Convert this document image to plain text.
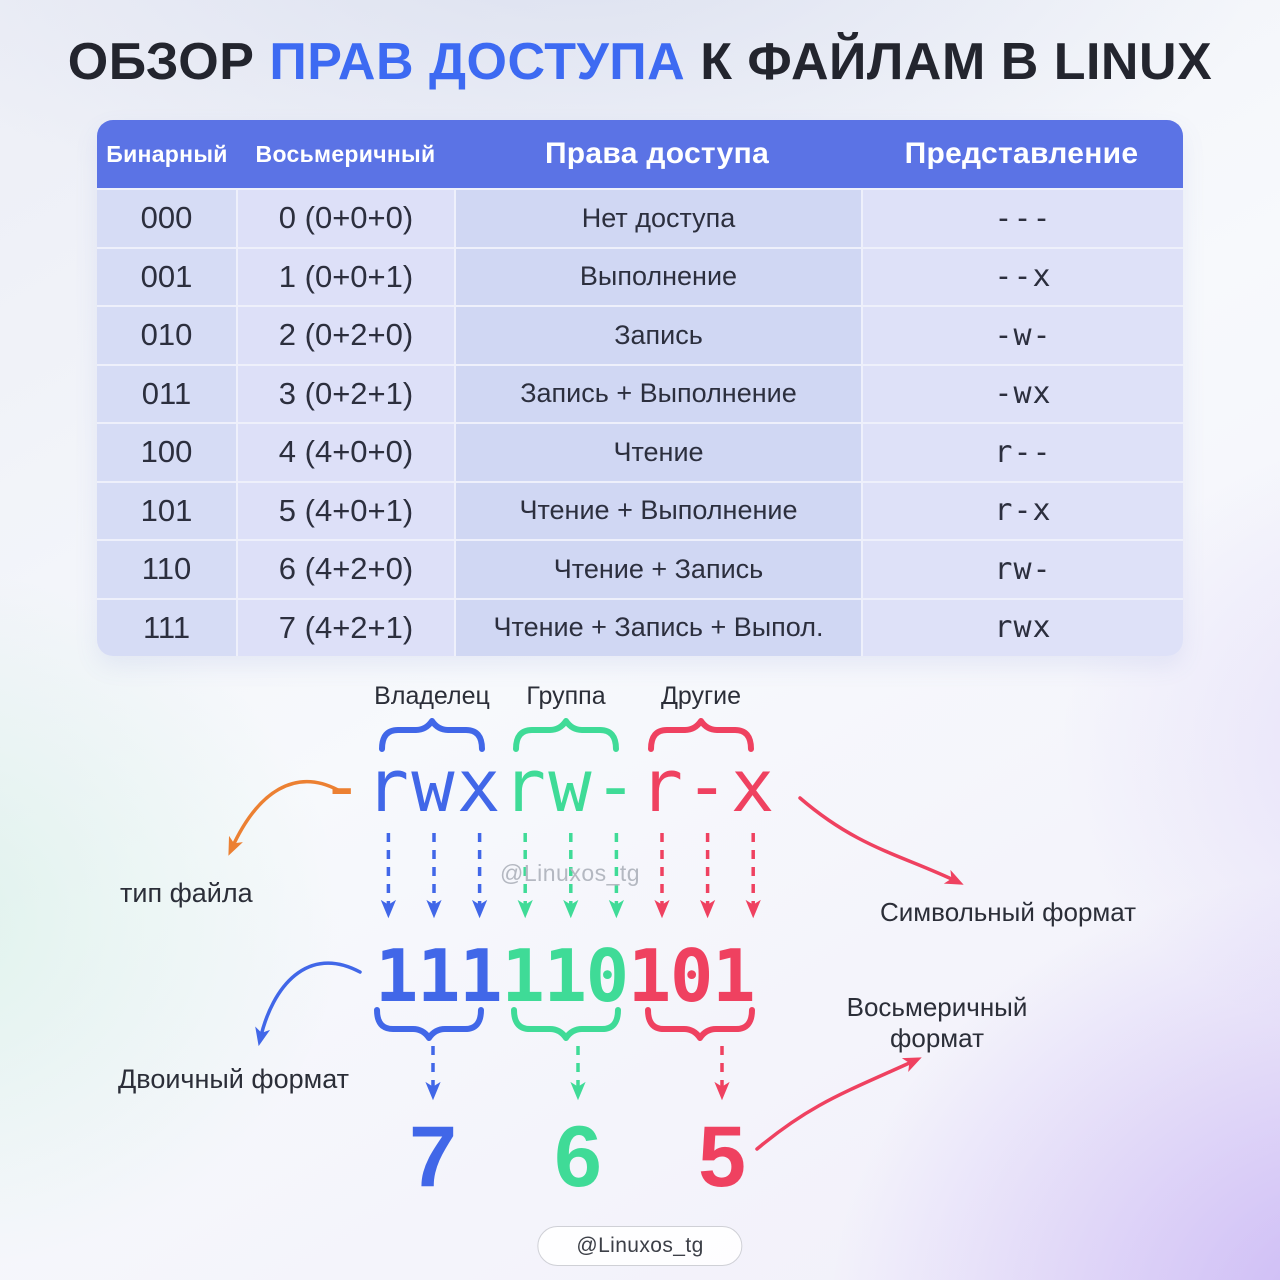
ОБЗОР ПРАВ ДОСТУПА К ФАЙЛАМ В LINUX
Бинарный	Восьмеричный	Права доступа	Представление
000	0 (0+0+0)	Нет доступа	---
001	1 (0+0+1)	Выполнение	--x
010	2 (0+2+0)	Запись	-w-
011	3 (0+2+1)	Запись + Выполнение	-wx
100	4 (4+0+0)	Чтение	r--
101	5 (4+0+1)	Чтение + Выполнение	r-x
110	6 (4+2+0)	Чтение + Запись	rw-
111	7 (4+2+1)	Чтение + Запись + Выпол.	rwx
Владелец Группа Другие
-rwxrw-r-x
@Linuxos_tg
111110101
7 6 5
тип файла
Двоичный формат
Символьный формат
Восьмеричный формат
@Linuxos_tg
